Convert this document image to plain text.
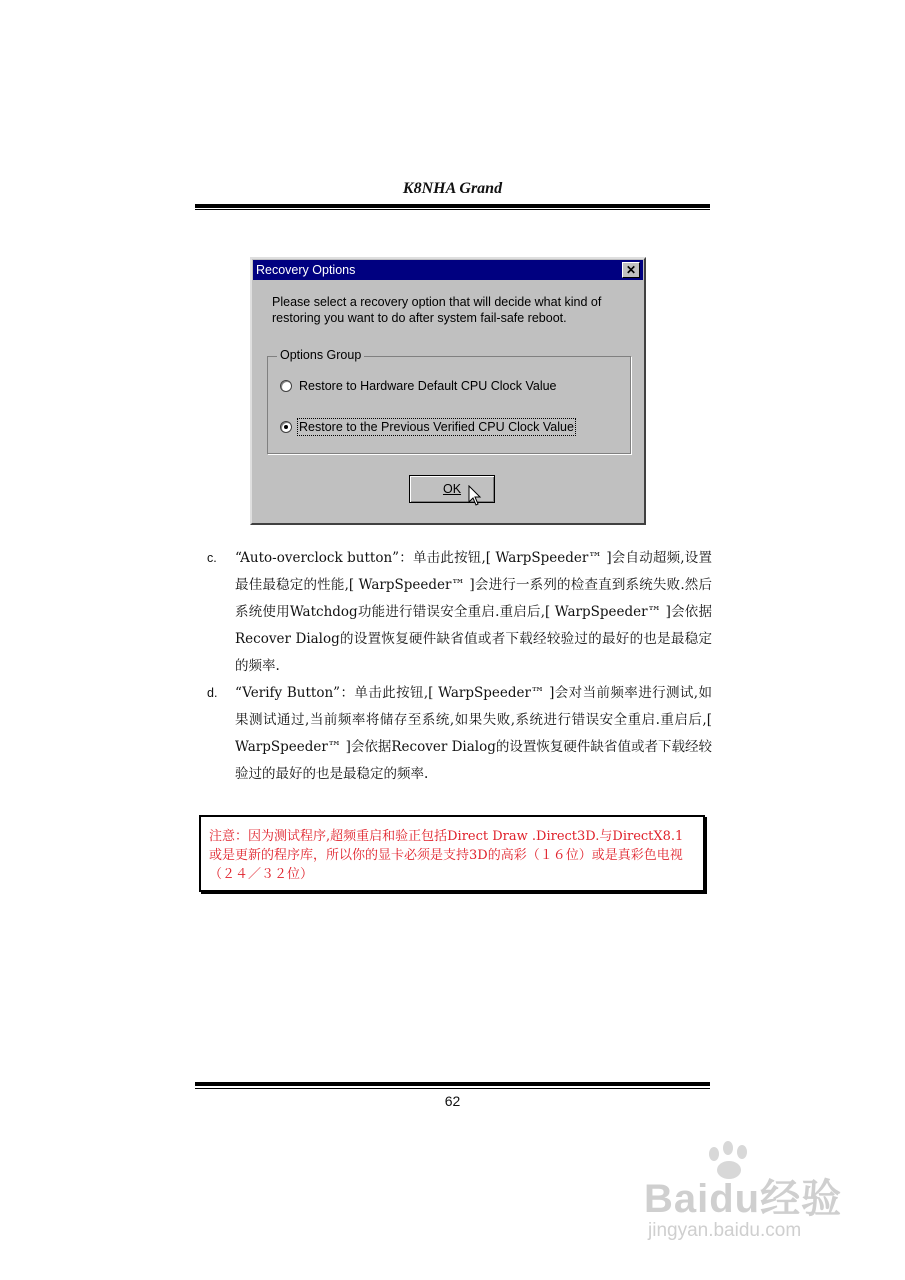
K8NHA Grand
Recovery Options	✕
Please select a recovery option that will decide what kind of
restoring you want to do after system fail-safe reboot.
Options Group
Restore to Hardware Default CPU Clock Value
Restore to the Previous Verified CPU Clock Value
OK
c. “Auto-overclock button”：单击此按钮,[ WarpSpeeder™ ]会自动超频,设置最佳最稳定的性能,[ WarpSpeeder™ ]会进行一系列的检查直到系统失败.然后系统使用Watchdog功能进行错误安全重启.重启后,[ WarpSpeeder™ ]会依据Recover Dialog的设置恢复硬件缺省值或者下载经较验过的最好的也是最稳定的频率.
d. “Verify Button”：单击此按钮,[ WarpSpeeder™ ]会对当前频率进行测试,如果测试通过,当前频率将储存至系统,如果失败,系统进行错误安全重启.重启后,[ WarpSpeeder™ ]会依据Recover Dialog的设置恢复硬件缺省值或者下载经较验过的最好的也是最稳定的频率.
注意：因为测试程序,超频重启和验正包括Direct Draw .Direct3D.与DirectX8.1或是更新的程序库，所以你的显卡必须是支持3D的高彩（１６位）或是真彩色电视（２４／３２位）
62
Baidu经验
jingyan.baidu.com
